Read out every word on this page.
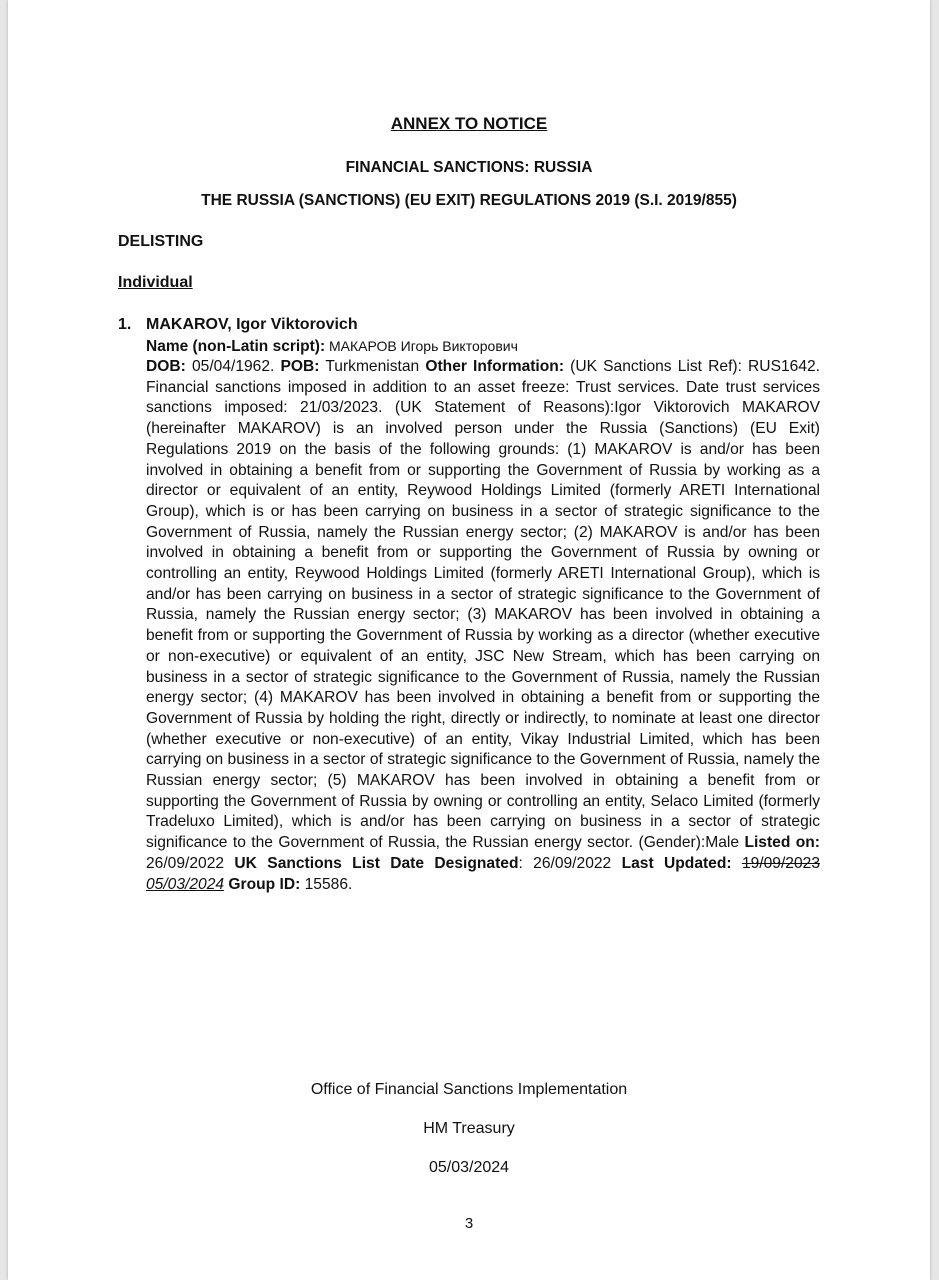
ANNEX TO NOTICE
FINANCIAL SANCTIONS: RUSSIA
THE RUSSIA (SANCTIONS) (EU EXIT) REGULATIONS 2019 (S.I. 2019/855)
DELISTING
Individual
1. MAKAROV, Igor Viktorovich
Name (non-Latin script): МАКАРОВ Игорь Викторович
DOB: 05/04/1962. POB: Turkmenistan Other Information: (UK Sanctions List Ref): RUS1642. Financial sanctions imposed in addition to an asset freeze: Trust services. Date trust services sanctions imposed: 21/03/2023. (UK Statement of Reasons):Igor Viktorovich MAKAROV (hereinafter MAKAROV) is an involved person under the Russia (Sanctions) (EU Exit) Regulations 2019 on the basis of the following grounds: (1) MAKAROV is and/or has been involved in obtaining a benefit from or supporting the Government of Russia by working as a director or equivalent of an entity, Reywood Holdings Limited (formerly ARETI International Group), which is or has been carrying on business in a sector of strategic significance to the Government of Russia, namely the Russian energy sector; (2) MAKAROV is and/or has been involved in obtaining a benefit from or supporting the Government of Russia by owning or controlling an entity, Reywood Holdings Limited (formerly ARETI International Group), which is and/or has been carrying on business in a sector of strategic significance to the Government of Russia, namely the Russian energy sector; (3) MAKAROV has been involved in obtaining a benefit from or supporting the Government of Russia by working as a director (whether executive or non-executive) or equivalent of an entity, JSC New Stream, which has been carrying on business in a sector of strategic significance to the Government of Russia, namely the Russian energy sector; (4) MAKAROV has been involved in obtaining a benefit from or supporting the Government of Russia by holding the right, directly or indirectly, to nominate at least one director (whether executive or non-executive) of an entity, Vikay Industrial Limited, which has been carrying on business in a sector of strategic significance to the Government of Russia, namely the Russian energy sector; (5) MAKAROV has been involved in obtaining a benefit from or supporting the Government of Russia by owning or controlling an entity, Selaco Limited (formerly Tradeluxo Limited), which is and/or has been carrying on business in a sector of strategic significance to the Government of Russia, the Russian energy sector. (Gender):Male Listed on: 26/09/2022 UK Sanctions List Date Designated: 26/09/2022 Last Updated: 19/09/2023 05/03/2024 Group ID: 15586.
Office of Financial Sanctions Implementation
HM Treasury
05/03/2024
3
